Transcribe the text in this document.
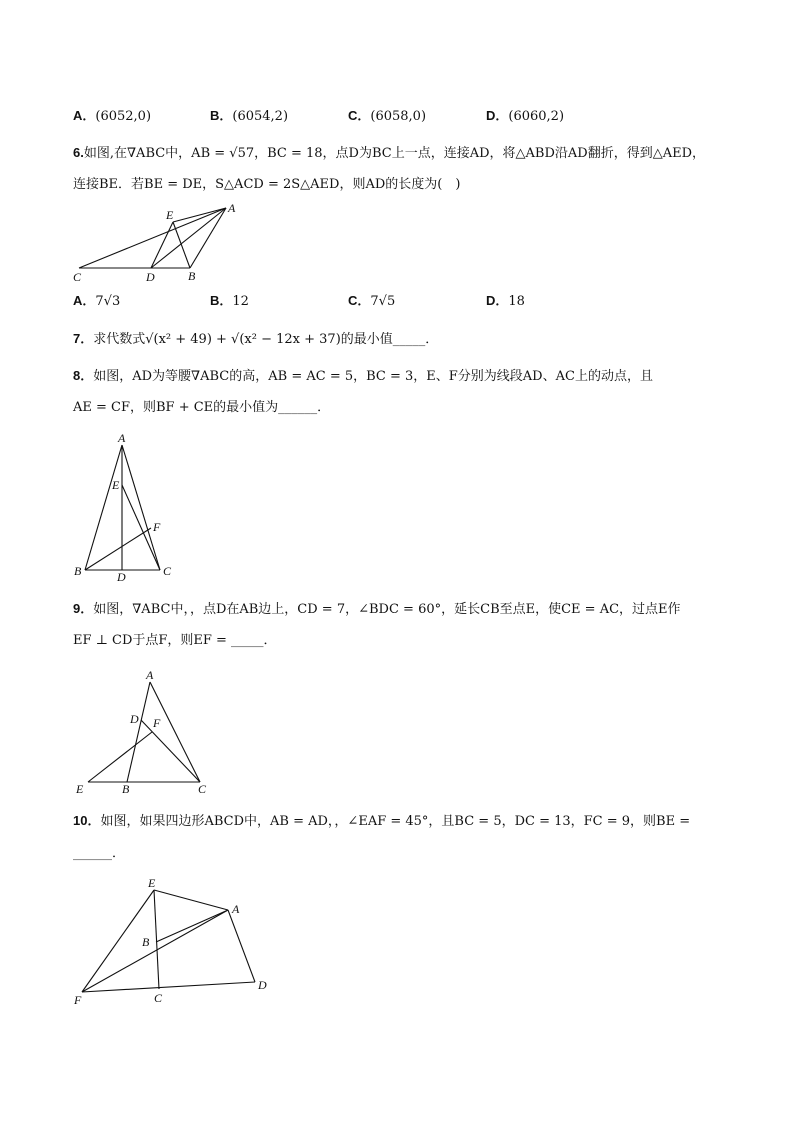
A．(6052,0)	B．(6054,2)	C．(6058,0)	D．(6060,2)
6.如图,在∇ABC中，AB = √57，BC = 18，点D为BC上一点，连接AD，将△ABD沿AD翻折，得到△AED，
连接BE．若BE = DE，S△ACD = 2S△AED，则AD的长度为(　)
A
B
C	D
E
A．7√3	B．12	C．7√5	D．18
7．求代数式√(x² + 49) + √(x² − 12x + 37)的最小值_____．
8．如图，AD为等腰∇ABC的高，AB = AC = 5，BC = 3，E、F分别为线段AD、AC上的动点，且
AE = CF，则BF + CE的最小值为______．
A
B	C
D
E
F
9．如图，∇ABC中，，点D在AB边上，CD = 7，∠BDC = 60°，延长CB至点E，使CE = AC，过点E作
EF ⊥ CD于点F，则EF = _____．
A
B	C
D
E
F
10．如图，如果四边形ABCD中，AB = AD，，∠EAF = 45°，且BC = 5，DC = 13，FC = 9，则BE =
______．
E
A
B
F	C
D
